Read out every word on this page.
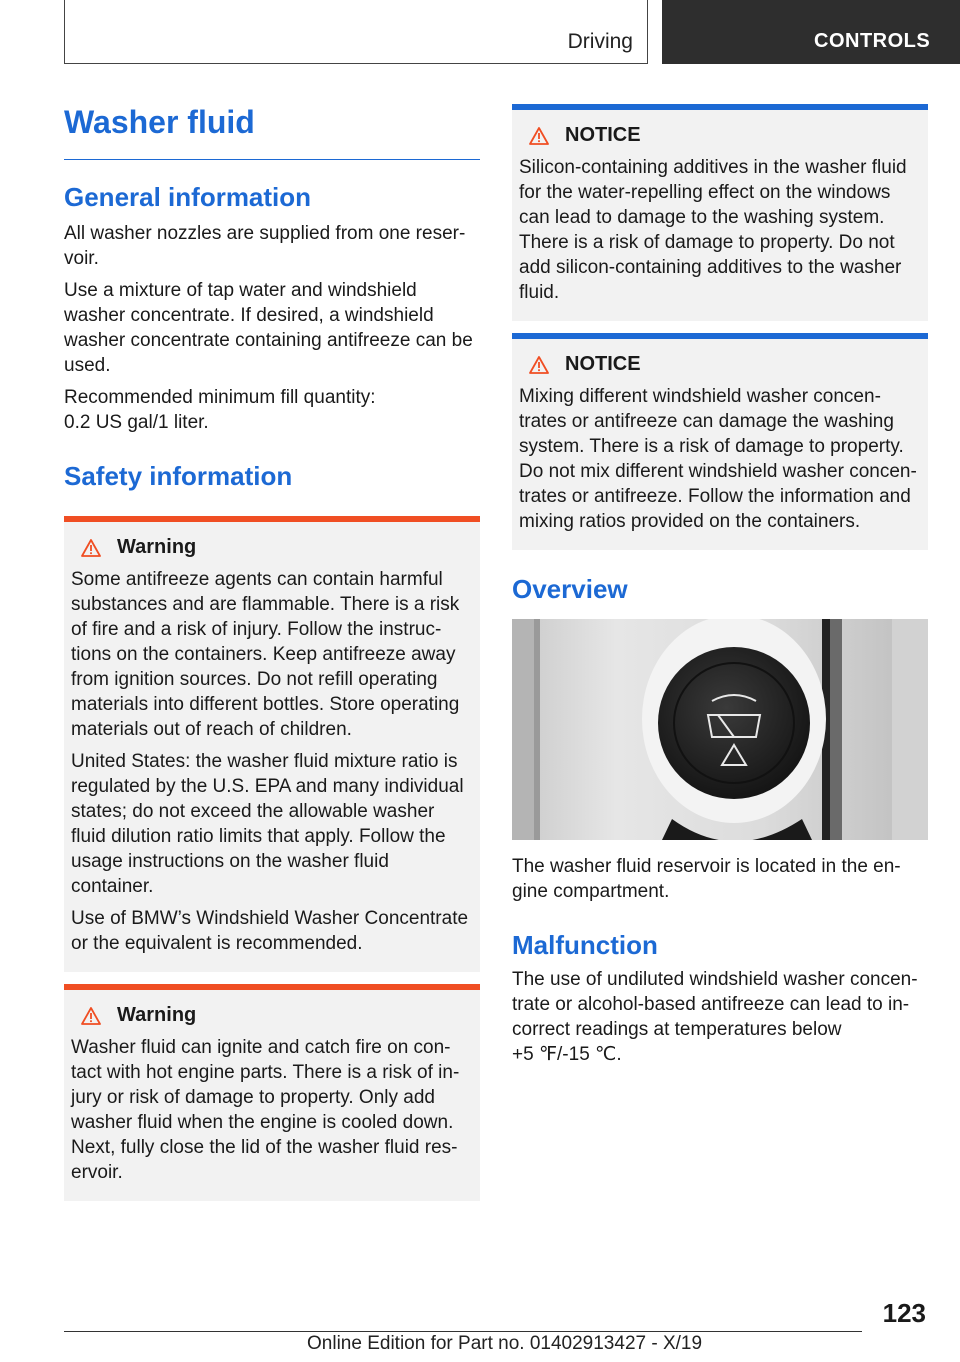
Driving	CONTROLS
Washer fluid
General information

All washer nozzles are supplied from one reser-voir.

Use a mixture of tap water and windshield washer concentrate. If desired, a windshield washer concentrate containing antifreeze can be used.

Recommended minimum fill quantity:

0.2 US gal/1 liter.

Safety information
Warning

Some antifreeze agents can contain harmful substances and are flammable. There is a risk of fire and a risk of injury. Follow the instruc-tions on the containers. Keep antifreeze away from ignition sources. Do not refill operating materials into different bottles. Store operating materials out of reach of children.

United States: the washer fluid mixture ratio is regulated by the U.S. EPA and many individual states; do not exceed the allowable washer fluid dilution ratio limits that apply. Follow the usage instructions on the washer fluid container.

Use of BMW’s Windshield Washer Concentrate or the equivalent is recommended.

Warning

Washer fluid can ignite and catch fire on con-tact with hot engine parts. There is a risk of in-jury or risk of damage to property. Only add washer fluid when the engine is cooled down. Next, fully close the lid of the washer fluid res-ervoir.

NOTICE

Silicon-containing additives in the washer fluid for the water-repelling effect on the windows can lead to damage to the washing system. There is a risk of damage to property. Do not add silicon-containing additives to the washer fluid.

NOTICE

Mixing different windshield washer concen-trates or antifreeze can damage the washing system. There is a risk of damage to property. Do not mix different windshield washer concen-trates or antifreeze. Follow the information and mixing ratios provided on the containers.

Overview

The washer fluid reservoir is located in the en-gine compartment.

Malfunction

The use of undiluted windshield washer concen-trate or alcohol-based antifreeze can lead to in-correct readings at temperatures below

+5 ℉/-15 ℃.

123
Online Edition for Part no. 01402913427 - X/19
